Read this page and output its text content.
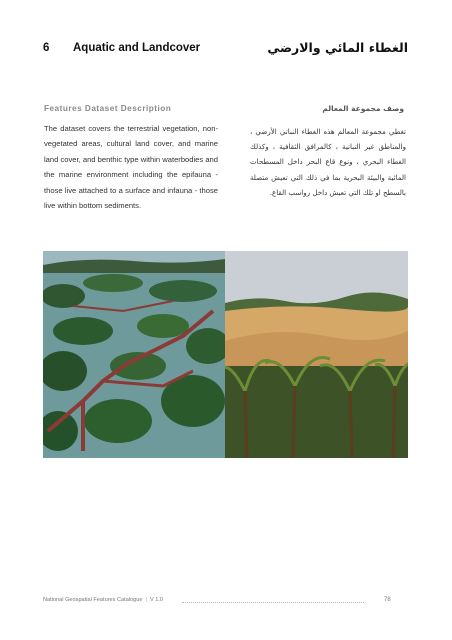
6 Aquatic and Landcover	الغطاء المائي والارضي
Features Dataset Description	وصف مجموعة المعالم
The dataset covers the terrestrial vegetation, non-vegetated areas, cultural land cover, and marine land cover, and benthic type within waterbodies and the marine environment including the epifauna - those live attached to a surface and infauna - those live within bottom sediments.
تغطي مجموعة المعالم هذه الغطاء النباتي الأرضي ، والمناطق غير النباتية ، كالمرافق الثقافية ، وكذلك الغطاء البحري ، ونوع قاع البحر داخل المسطحات المائية والبيئة البحرية بما في ذلك التي تعيش متصلة بالسطح او تلك التي تعيش داخل رواسب القاع.
National Geospatial Features Catalogue | V 1.0	78
